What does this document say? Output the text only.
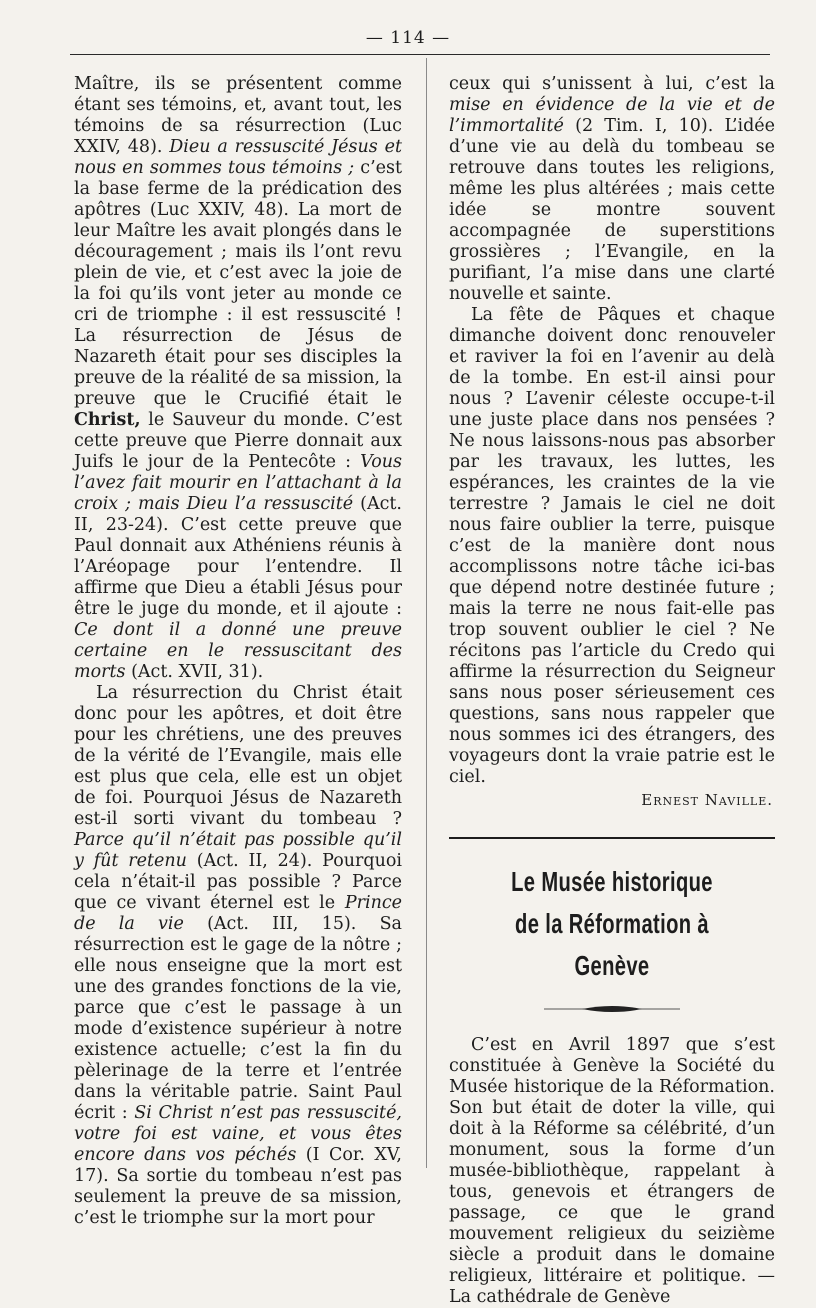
— 114 —

Maître, ils se présentent comme étant ses témoins, et, avant tout, les témoins de sa résurrection (Luc XXIV, 48). Dieu a ressuscité Jésus et nous en sommes tous témoins ; c’est la base ferme de la prédication des apôtres (Luc XXIV, 48). La mort de leur Maître les avait plongés dans le découragement ; mais ils l’ont revu plein de vie, et c’est avec la joie de la foi qu’ils vont jeter au monde ce cri de triomphe : il est ressuscité ! La résurrection de Jésus de Nazareth était pour ses disciples la preuve de la réalité de sa mission, la preuve que le Crucifié était le Christ, le Sauveur du monde. C’est cette preuve que Pierre donnait aux Juifs le jour de la Pentecôte : Vous l’avez fait mourir en l’attachant à la croix ; mais Dieu l’a ressuscité (Act. II, 23-24). C’est cette preuve que Paul donnait aux Athéniens réunis à l’Aréopage pour l’entendre. Il affirme que Dieu a établi Jésus pour être le juge du monde, et il ajoute : Ce dont il a donné une preuve certaine en le ressuscitant des morts (Act. XVII, 31).

La résurrection du Christ était donc pour les apôtres, et doit être pour les chrétiens, une des preuves de la vérité de l’Evangile, mais elle est plus que cela, elle est un objet de foi. Pourquoi Jésus de Nazareth est-il sorti vivant du tombeau ? Parce qu’il n’était pas possible qu’il y fût retenu (Act. II, 24). Pourquoi cela n’était-il pas possible ? Parce que ce vivant éternel est le Prince de la vie (Act. III, 15). Sa résurrection est le gage de la nôtre ; elle nous enseigne que la mort est une des grandes fonctions de la vie, parce que c’est le passage à un mode d’existence supérieur à notre existence actuelle; c’est la fin du pèlerinage de la terre et l’entrée dans la véritable patrie. Saint Paul écrit : Si Christ n’est pas ressuscité, votre foi est vaine, et vous êtes encore dans vos péchés (I Cor. XV, 17). Sa sortie du tombeau n’est pas seulement la preuve de sa mission, c’est le triomphe sur la mort pour

ceux qui s’unissent à lui, c’est la mise en évidence de la vie et de l’immortalité (2 Tim. I, 10). L’idée d’une vie au delà du tombeau se retrouve dans toutes les religions, même les plus altérées ; mais cette idée se montre souvent accompagnée de superstitions grossières ; l’Evangile, en la purifiant, l’a mise dans une clarté nouvelle et sainte.

La fête de Pâques et chaque dimanche doivent donc renouveler et raviver la foi en l’avenir au delà de la tombe. En est-il ainsi pour nous ? L’avenir céleste occupe-t-il une juste place dans nos pensées ? Ne nous laissons-nous pas absorber par les travaux, les luttes, les espérances, les craintes de la vie terrestre ? Jamais le ciel ne doit nous faire oublier la terre, puisque c’est de la manière dont nous accomplissons notre tâche ici-bas que dépend notre destinée future ; mais la terre ne nous fait-elle pas trop souvent oublier le ciel ? Ne récitons pas l’article du Credo qui affirme la résurrection du Seigneur sans nous poser sérieusement ces questions, sans nous rappeler que nous sommes ici des étrangers, des voyageurs dont la vraie patrie est le ciel.

Ernest Naville.
Le Musée historique
de la Réformation à Genève

C’est en Avril 1897 que s’est constituée à Genève la Société du Musée historique de la Réformation. Son but était de doter la ville, qui doit à la Réforme sa célébrité, d’un monument, sous la forme d’un musée-bibliothèque, rappelant à tous, genevois et étrangers de passage, ce que le grand mouvement religieux du seizième siècle a produit dans le domaine religieux, littéraire et politique. — La cathédrale de Genève
